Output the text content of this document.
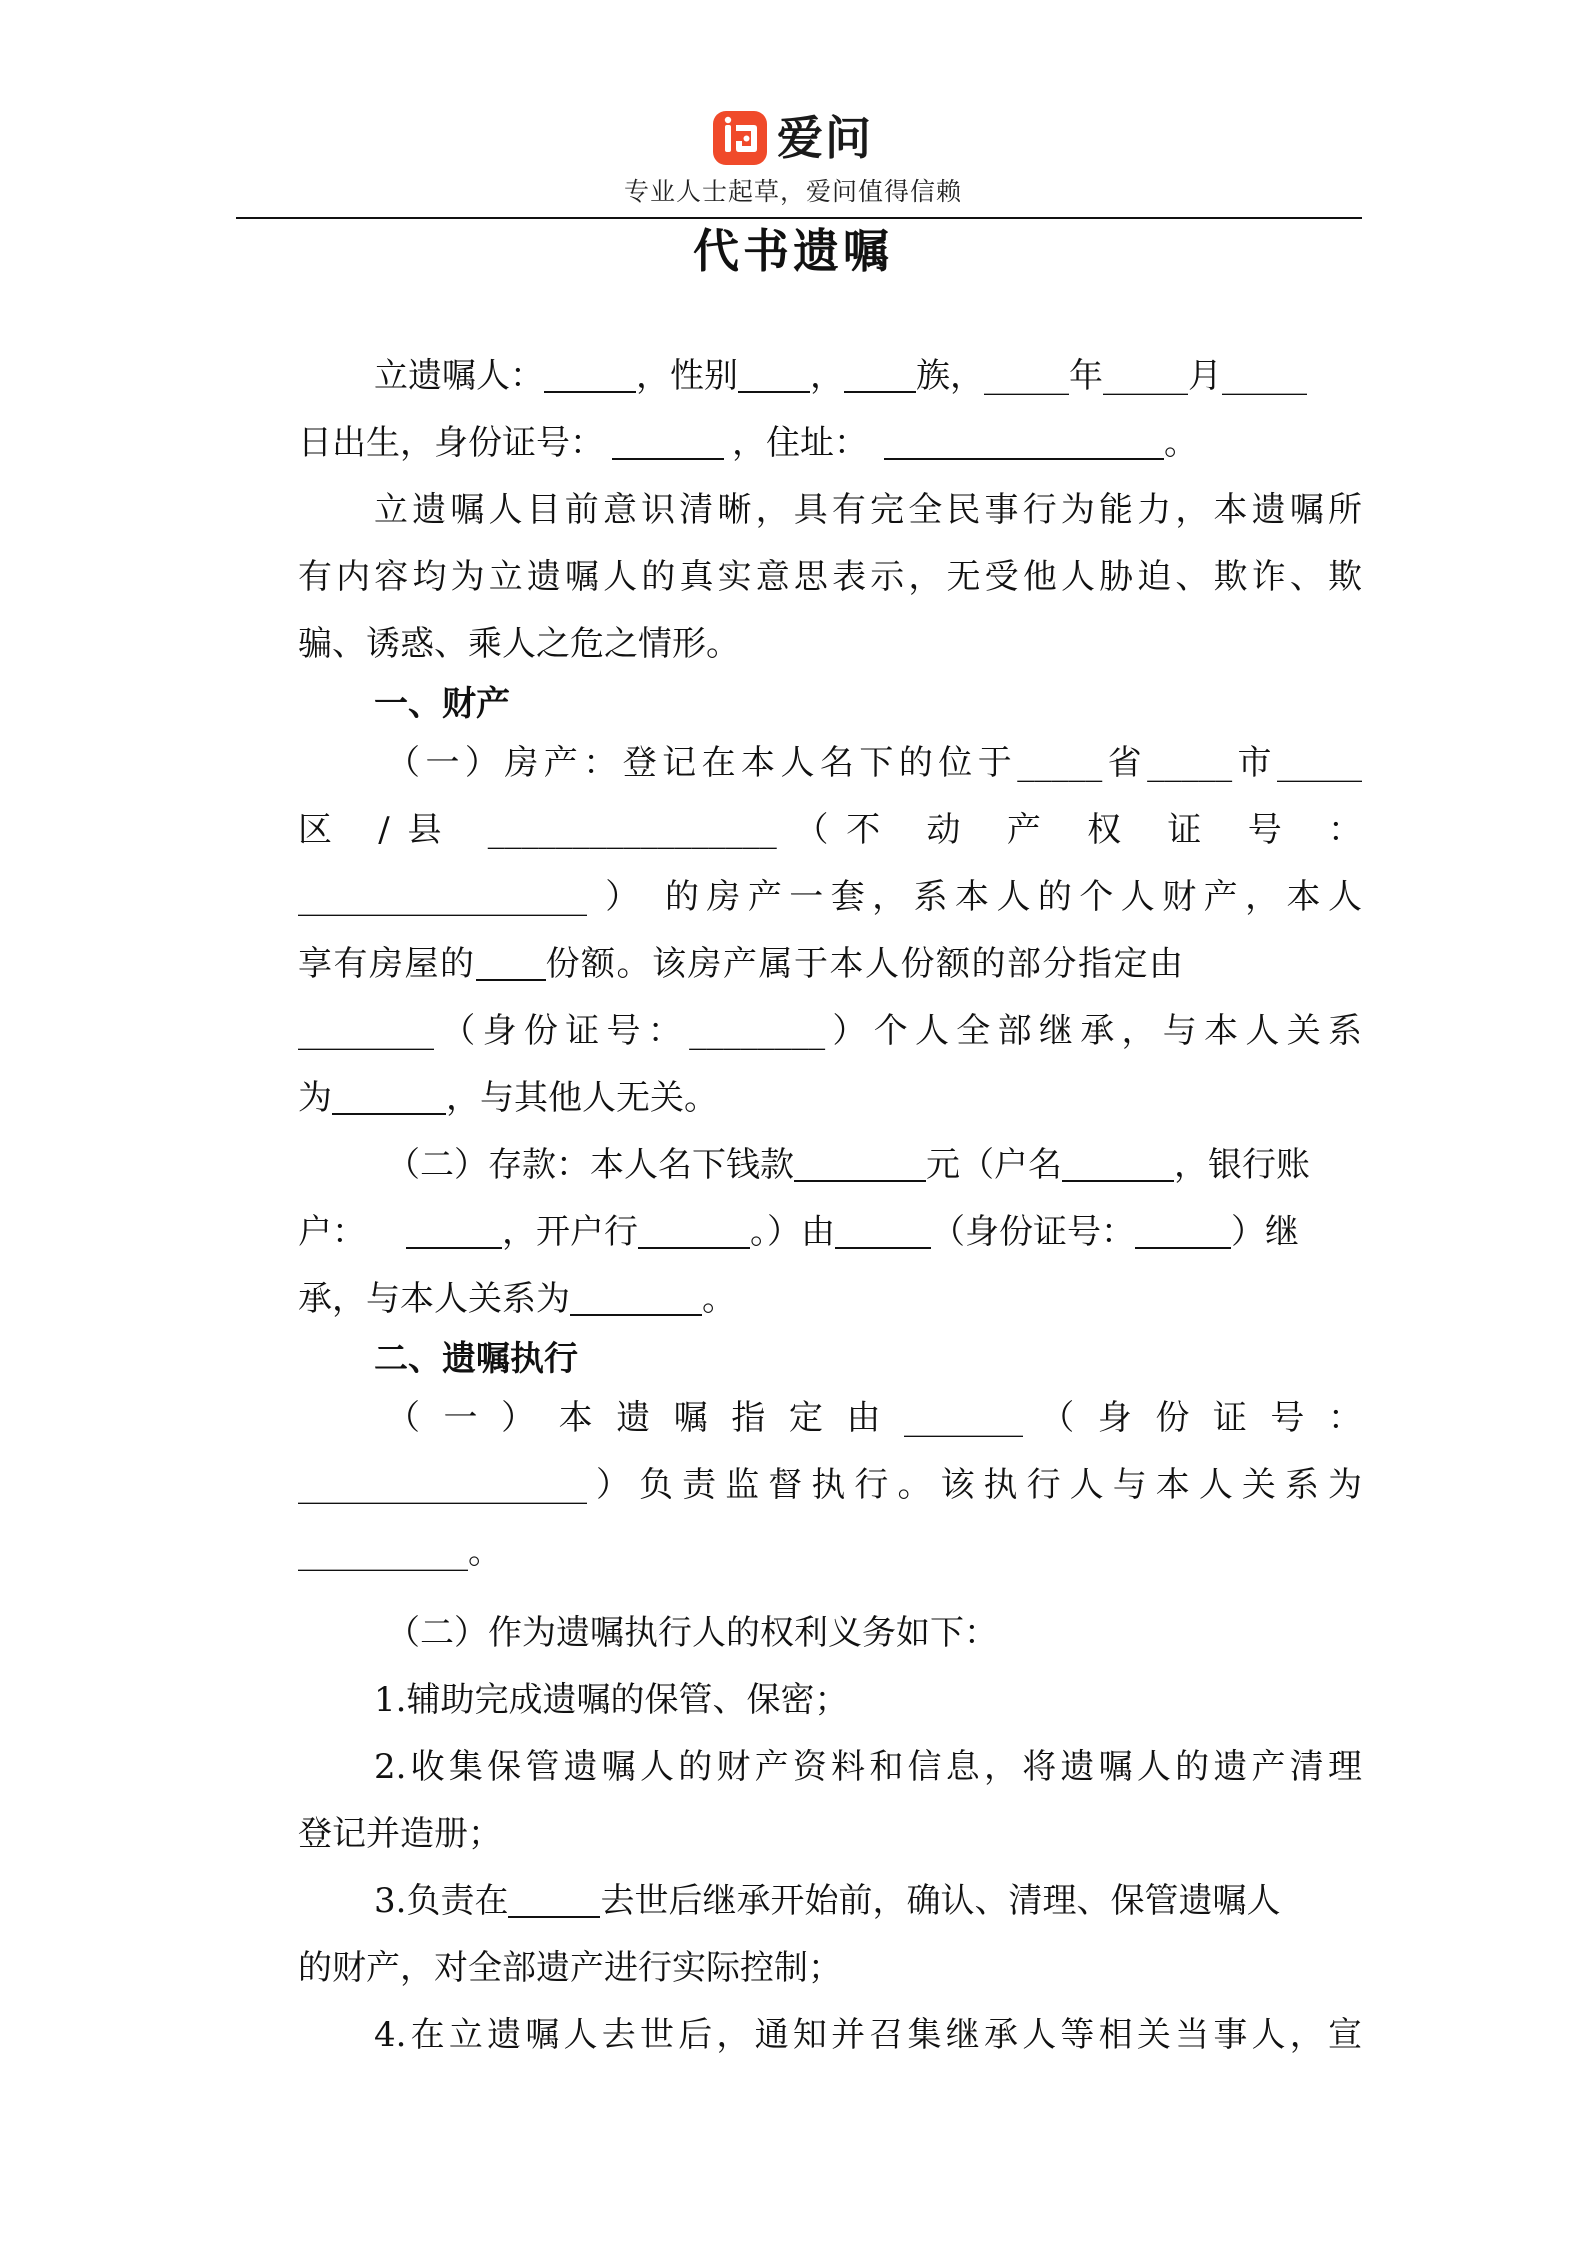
爱问
专业人士起草，爱问值得信赖
代书遗嘱
立遗嘱人：	，性别 ， 族，_____年_____月_____
日出生，身份证号：	，住址：	。
立遗嘱人目前意识清晰，具有完全民事行为能力，本遗嘱所
有内容均为立遗嘱人的真实意思表示，无受他人胁迫、欺诈、欺
骗、诱惑、乘人之危之情形。
一、财产
（一）房产：登记在本人名下的位于_____省_____市_____
区 /县 _________________（不 动 产 权 证 号 ：
_________________ ） 的房产一套，系本人的个人财产，本人
享有房屋的 份额。该房产属于本人份额的部分指定由
________（身份证号：________）个人全部继承，与本人关系
为	，与其他人无关。
（二）存款：本人名下钱款	元（户名	，银行账
户：	，开户行	。）由	（身份证号：	）继
承，与本人关系为	。
二、遗嘱执行
（ 一 ） 本 遗 嘱 指 定 由 _______ （ 身 份 证 号 ：
_________________）负责监督执行。该执行人与本人关系为
__________。
（二）作为遗嘱执行人的权利义务如下：
1.辅助完成遗嘱的保管、保密；
2.收集保管遗嘱人的财产资料和信息，将遗嘱人的遗产清理
登记并造册；
3.负责在	去世后继承开始前，确认、清理、保管遗嘱人
的财产，对全部遗产进行实际控制；
4.在立遗嘱人去世后，通知并召集继承人等相关当事人，宣
